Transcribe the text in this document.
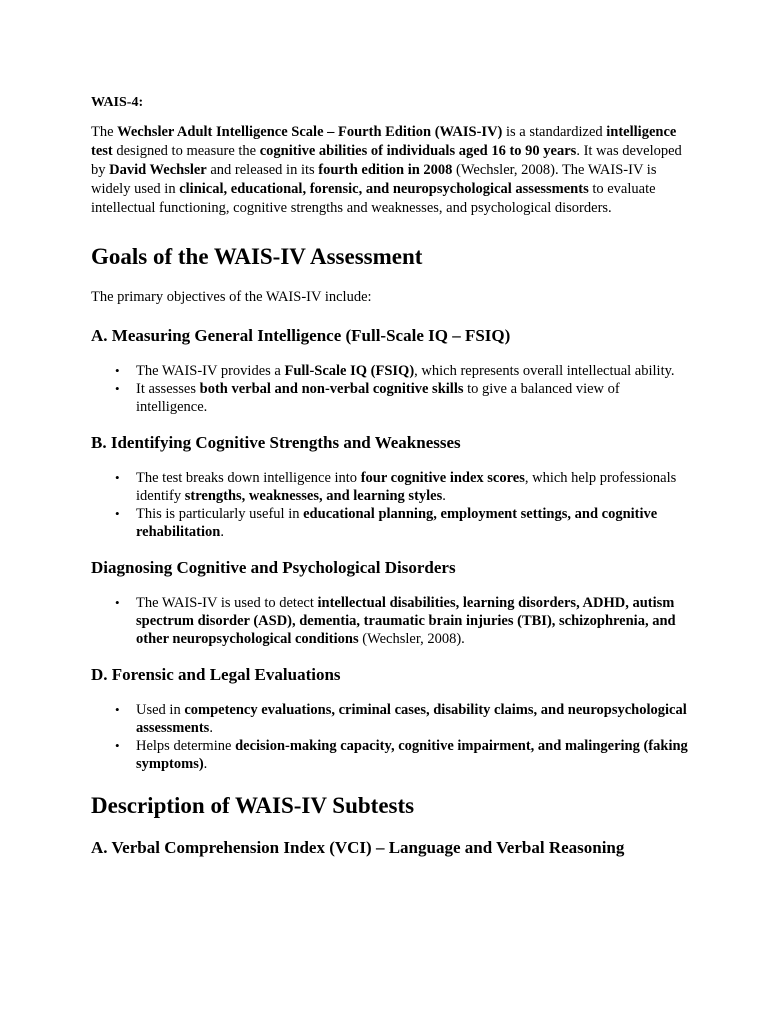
WAIS-4:

The Wechsler Adult Intelligence Scale – Fourth Edition (WAIS-IV) is a standardized intelligence test designed to measure the cognitive abilities of individuals aged 16 to 90 years. It was developed by David Wechsler and released in its fourth edition in 2008 (Wechsler, 2008). The WAIS-IV is widely used in clinical, educational, forensic, and neuropsychological assessments to evaluate intellectual functioning, cognitive strengths and weaknesses, and psychological disorders.

Goals of the WAIS-IV Assessment

The primary objectives of the WAIS-IV include:

A. Measuring General Intelligence (Full-Scale IQ – FSIQ)
• The WAIS-IV provides a Full-Scale IQ (FSIQ), which represents overall intellectual ability.
• It assesses both verbal and non-verbal cognitive skills to give a balanced view of intelligence.
B. Identifying Cognitive Strengths and Weaknesses
• The test breaks down intelligence into four cognitive index scores, which help professionals identify strengths, weaknesses, and learning styles.
• This is particularly useful in educational planning, employment settings, and cognitive rehabilitation.
Diagnosing Cognitive and Psychological Disorders
• The WAIS-IV is used to detect intellectual disabilities, learning disorders, ADHD, autism spectrum disorder (ASD), dementia, traumatic brain injuries (TBI), schizophrenia, and other neuropsychological conditions (Wechsler, 2008).
D. Forensic and Legal Evaluations
• Used in competency evaluations, criminal cases, disability claims, and neuropsychological assessments.
• Helps determine decision-making capacity, cognitive impairment, and malingering (faking symptoms).
Description of WAIS-IV Subtests
A. Verbal Comprehension Index (VCI) – Language and Verbal Reasoning
